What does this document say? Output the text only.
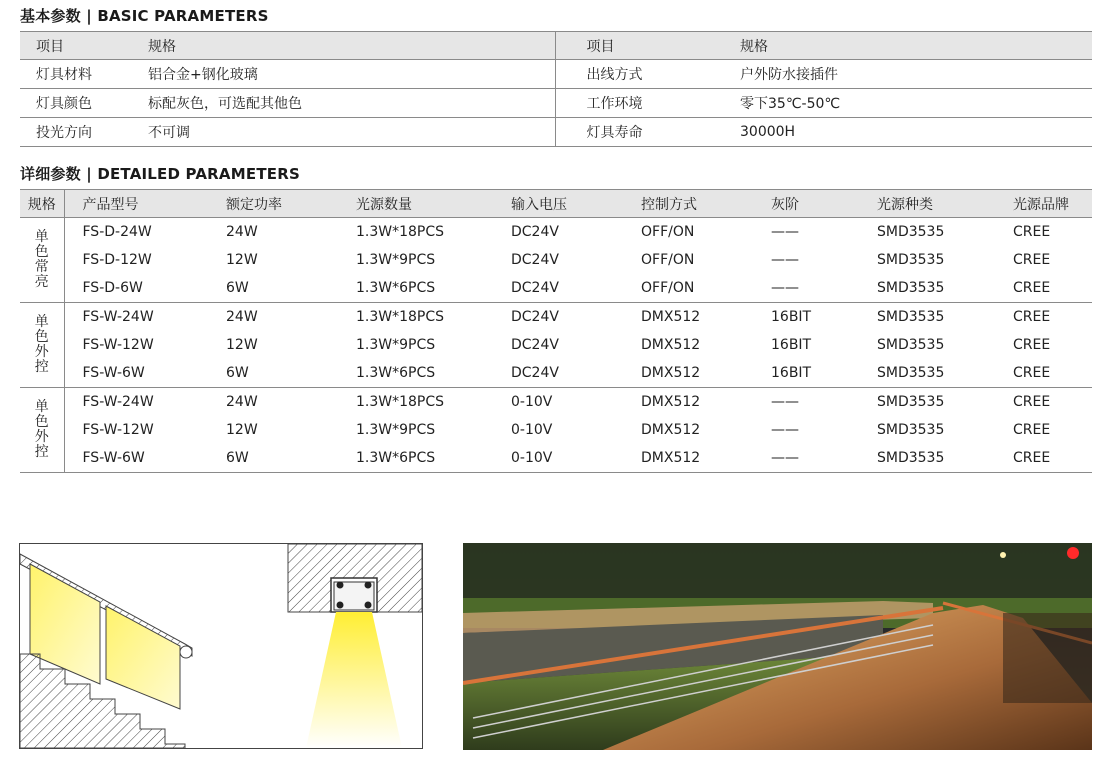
基本参数 | BASIC PARAMETERS
项目	规格	项目	规格
灯具材料	铝合金+钢化玻璃	出线方式	户外防水接插件
灯具颜色	标配灰色，可选配其他色	工作环境	零下35℃-50℃
投光方向	不可调	灯具寿命	30000H
详细参数 | DETAILED PARAMETERS
规格	产品型号	额定功率	光源数量	输入电压	控制方式	灰阶	光源种类	光源品牌

单色常亮	FS-D-24W	24W	1.3W*18PCS	DC24V	OFF/ON	——	SMD3535	CREE
	FS-D-12W	12W	1.3W*9PCS	DC24V	OFF/ON	——	SMD3535	CREE
	FS-D-6W	6W	1.3W*6PCS	DC24V	OFF/ON	——	SMD3535	CREE

单色外控	FS-W-24W	24W	1.3W*18PCS	DC24V	DMX512	16BIT	SMD3535	CREE
	FS-W-12W	12W	1.3W*9PCS	DC24V	DMX512	16BIT	SMD3535	CREE
	FS-W-6W	6W	1.3W*6PCS	DC24V	DMX512	16BIT	SMD3535	CREE

单色外控	FS-W-24W	24W	1.3W*18PCS	0-10V	DMX512	——	SMD3535	CREE
	FS-W-12W	12W	1.3W*9PCS	0-10V	DMX512	——	SMD3535	CREE
	FS-W-6W	6W	1.3W*6PCS	0-10V	DMX512	——	SMD3535	CREE
